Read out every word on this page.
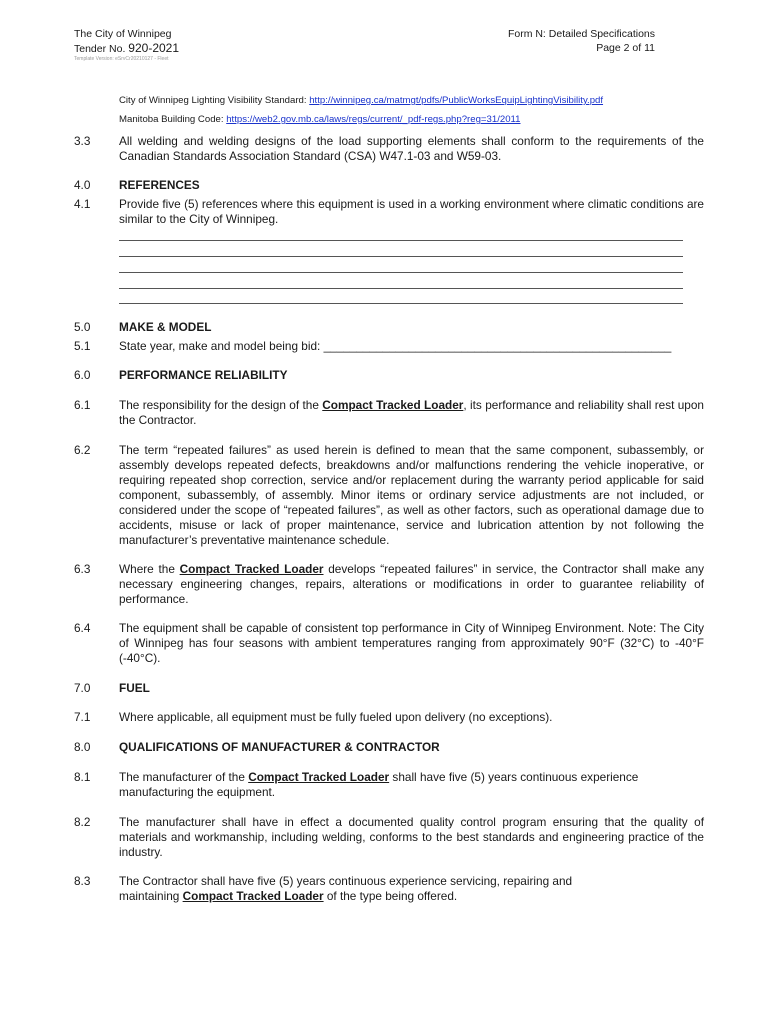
The City of Winnipeg
Tender No. 920-2021
Template Version: eSrvCr20210127 - Fleet
Form N: Detailed Specifications
Page 2 of 11
City of Winnipeg Lighting Visibility Standard: http://winnipeg.ca/matmgt/pdfs/PublicWorksEquipLightingVisibility.pdf
Manitoba Building Code: https://web2.gov.mb.ca/laws/regs/current/_pdf-regs.php?reg=31/2011
3.3 All welding and welding designs of the load supporting elements shall conform to the requirements of the Canadian Standards Association Standard (CSA) W47.1-03 and W59-03.
4.0 REFERENCES
4.1 Provide five (5) references where this equipment is used in a working environment where climatic conditions are similar to the City of Winnipeg.
5.0 MAKE & MODEL
5.1 State year, make and model being bid: _____________________________________________________
6.0 PERFORMANCE RELIABILITY
6.1 The responsibility for the design of the Compact Tracked Loader, its performance and reliability shall rest upon the Contractor.
6.2 The term “repeated failures” as used herein is defined to mean that the same component, subassembly, or assembly develops repeated defects, breakdowns and/or malfunctions rendering the vehicle inoperative, or requiring repeated shop correction, service and/or replacement during the warranty period applicable for said component, subassembly, of assembly. Minor items or ordinary service adjustments are not included, or considered under the scope of “repeated failures”, as well as other factors, such as operational damage due to accidents, misuse or lack of proper maintenance, service and lubrication attention by not following the manufacturer’s preventative maintenance schedule.
6.3 Where the Compact Tracked Loader develops “repeated failures” in service, the Contractor shall make any necessary engineering changes, repairs, alterations or modifications in order to guarantee reliability of performance.
6.4 The equipment shall be capable of consistent top performance in City of Winnipeg Environment. Note: The City of Winnipeg has four seasons with ambient temperatures ranging from approximately 90°F (32°C) to -40°F (-40°C).
7.0 FUEL
7.1 Where applicable, all equipment must be fully fueled upon delivery (no exceptions).
8.0 QUALIFICATIONS OF MANUFACTURER & CONTRACTOR
8.1 The manufacturer of the Compact Tracked Loader shall have five (5) years continuous experience manufacturing the equipment.
8.2 The manufacturer shall have in effect a documented quality control program ensuring that the quality of materials and workmanship, including welding, conforms to the best standards and engineering practice of the industry.
8.3 The Contractor shall have five (5) years continuous experience servicing, repairing and maintaining Compact Tracked Loader of the type being offered.
